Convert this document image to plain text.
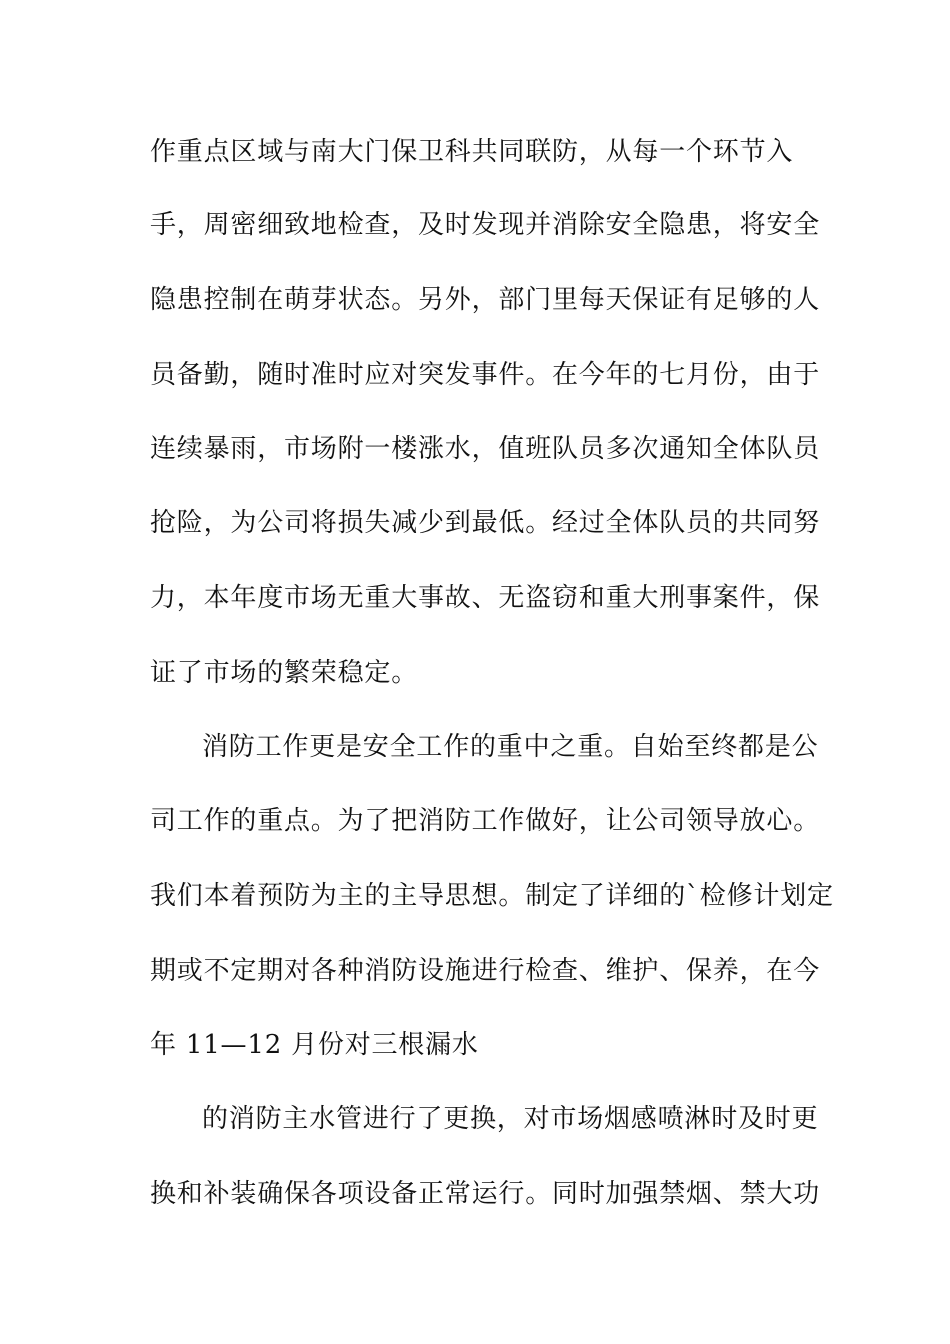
作重点区域与南大门保卫科共同联防，从每一个环节入
手，周密细致地检查，及时发现并消除安全隐患，将安全
隐患控制在萌芽状态。另外，部门里每天保证有足够的人
员备勤，随时准时应对突发事件。在今年的七月份，由于
连续暴雨，市场附一楼涨水，值班队员多次通知全体队员
抢险，为公司将损失减少到最低。经过全体队员的共同努
力，本年度市场无重大事故、无盗窃和重大刑事案件，保
证了市场的繁荣稳定。
消防工作更是安全工作的重中之重。自始至终都是公
司工作的重点。为了把消防工作做好，让公司领导放心。
我们本着预防为主的主导思想。制定了详细的`检修计划定
期或不定期对各种消防设施进行检查、维护、保养，在今
年 11—12 月份对三根漏水
的消防主水管进行了更换，对市场烟感喷淋时及时更
换和补装确保各项设备正常运行。同时加强禁烟、禁大功
